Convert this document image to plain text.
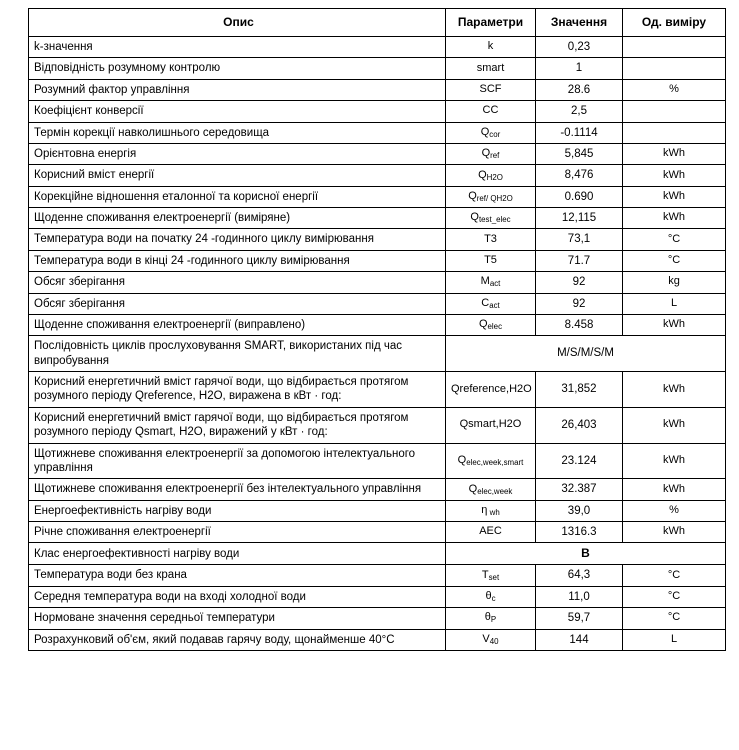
Опис	Параметри	Значення	Од. виміру
k-значення	k	0,23	
Відповідність розумному контролю	smart	1	
Розумний фактор управління	SCF	28.6	%
Коефіцієнт конверсії	CC	2,5	
Термін корекції навколишнього середовища	$Q_{cor}$	-0.1114	
Орієнтовна енергія	$Q_{ref}$	5,845	kWh
Корисний вміст енергії	$Q_{H2O}$	8,476	kWh
Корекційне відношення еталонної та корисної енергії	$Q_{ref/ QH2O}$	0.690	kWh
Щоденне споживання електроенергії (виміряне)	$Q_{test\_elec}$	12,115	kWh
Температура води на початку 24 -годинного циклу вимірювання	T3	73,1	°C
Температура води в кінці 24 -годинного циклу вимірювання	T5	71.7	°C
Обсяг зберігання	$M_{act}$	92	kg
Обсяг зберігання	$C_{act}$	92	L
Щоденне споживання електроенергії (виправлено)	$Q_{elec}$	8.458	kWh
Послідовність циклів прослуховування SMART, використаних під час випробування	M/S/M/S/M		
Корисний енергетичний вміст гарячої води, що відбирається протягом розумного періоду Qreference, H2O, виражена в кВт · год:	Qreference,H2O	31,852	kWh
Корисний енергетичний вміст гарячої води, що відбирається протягом розумного періоду Qsmart, H2O, виражений у кВт · год:	Qsmart,H2O	26,403	kWh
Щотижневе споживання електроенергії за допомогою інтелектуального управління	$Q_{elec,week,smart}$	23.124	kWh
Щотижневе споживання електроенергії без інтелектуального управління	$Q_{elec,week}$	32.387	kWh
Енергоефективність нагріву води	η $_{wh}$	39,0	%
Річне споживання електроенергії	AEC	1316.3	kWh
Клас енергоефективності нагріву води	B		
Температура води без крана	$T_{set}$	64,3	°C
Середня температура води на вході холодної води	$\theta_c$	11,0	°C
Нормоване значення середньої температури	$\theta_P$	59,7	°C
Розрахунковий об'єм, який подавав гарячу воду, щонайменше 40°C	$V_{40}$	144	L
